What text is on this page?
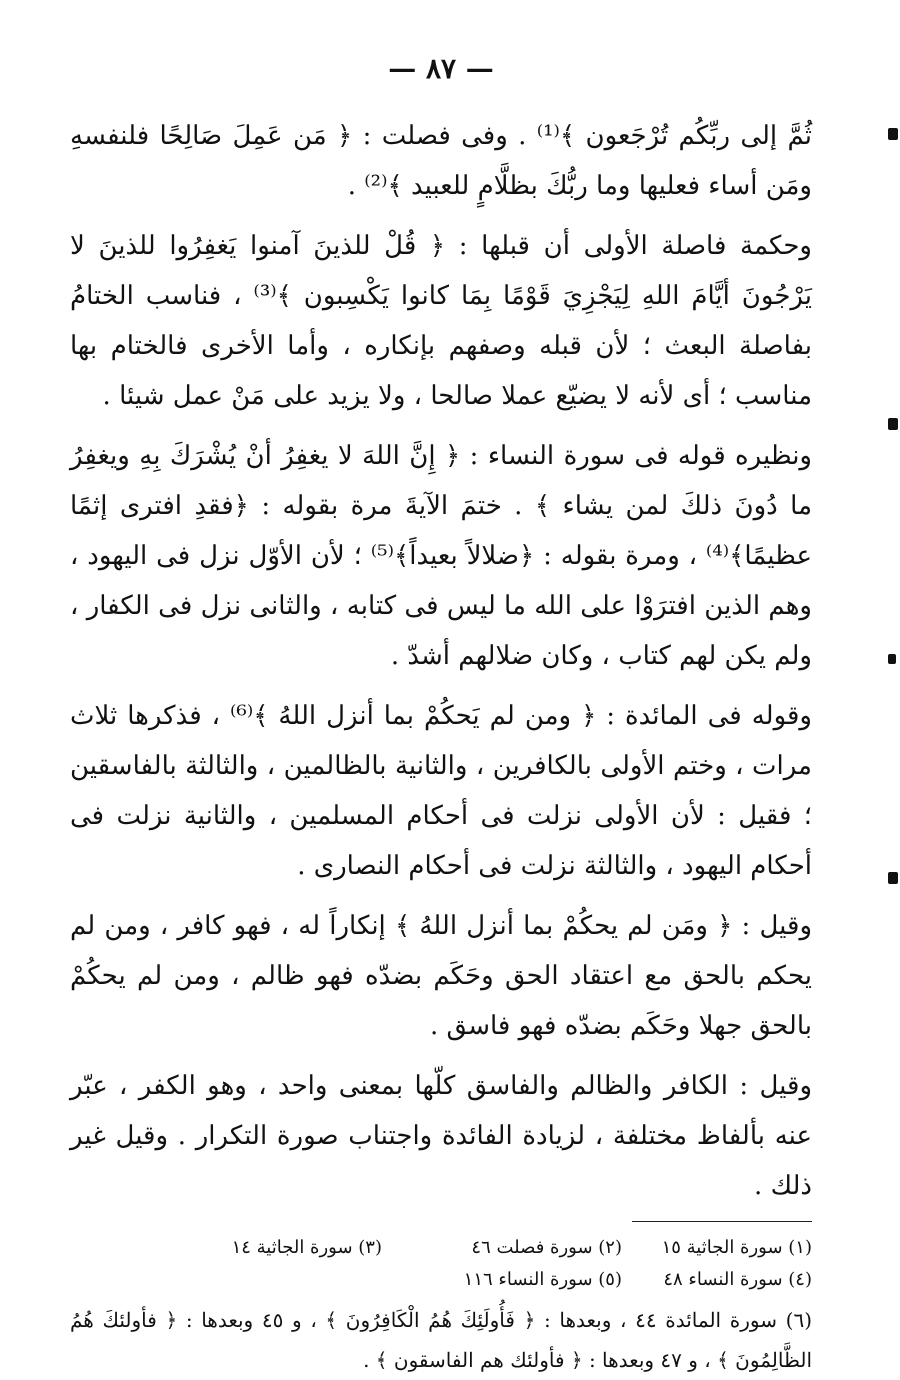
— ٨٧ —

ثُمَّ إلى ربِّكُم تُرْجَعون ﴾⁽¹⁾ . وفى فصلت : ﴿ مَن عَمِلَ صَالِحًا فلنفسهِ ومَن أساء فعليها وما ربُّكَ بظلَّامٍ للعبيد ﴾⁽²⁾ .

وحكمة فاصلة الأولى أن قبلها : ﴿ قُلْ للذينَ آمنوا يَغفِرُوا للذينَ لا يَرْجُونَ أيَّامَ اللهِ لِيَجْزِيَ قَوْمًا بِمَا كانوا يَكْسِبون ﴾⁽³⁾ ، فناسب الختامُ بفاصلة البعث ؛ لأن قبله وصفهم بإنكاره ، وأما الأخرى فالختام بها مناسب ؛ أى لأنه لا يضيّع عملا صالحا ، ولا يزيد على مَنْ عمل شيئا .

ونظيره قوله فى سورة النساء : ﴿ إِنَّ اللهَ لا يغفِرُ أنْ يُشْرَكَ بِهِ ويغفِرُ ما دُونَ ذلكَ لمن يشاء ﴾ . ختمَ الآيةَ مرة بقوله : ﴿فقدِ افترى إثمًا عظيمًا﴾⁽⁴⁾ ، ومرة بقوله : ﴿ضلالاً بعيداً﴾⁽⁵⁾ ؛ لأن الأوّل نزل فى اليهود ، وهم الذين افترَوْا على الله ما ليس فى كتابه ، والثانى نزل فى الكفار ، ولم يكن لهم كتاب ، وكان ضلالهم أشدّ .

وقوله فى المائدة : ﴿ ومن لم يَحكُمْ بما أنزل اللهُ ﴾⁽⁶⁾ ، فذكرها ثلاث مرات ، وختم الأولى بالكافرين ، والثانية بالظالمين ، والثالثة بالفاسقين ؛ فقيل : لأن الأولى نزلت فى أحكام المسلمين ، والثانية نزلت فى أحكام اليهود ، والثالثة نزلت فى أحكام النصارى .

وقيل : ﴿ ومَن لم يحكُمْ بما أنزل اللهُ ﴾ إنكاراً له ، فهو كافر ، ومن لم يحكم بالحق مع اعتقاد الحق وحَكَم بضدّه فهو ظالم ، ومن لم يحكُمْ بالحق جهلا وحَكَم بضدّه فهو فاسق .

وقيل : الكافر والظالم والفاسق كلّها بمعنى واحد ، وهو الكفر ، عبّر عنه بألفاظ مختلفة ، لزيادة الفائدة واجتناب صورة التكرار . وقيل غير ذلك .

(١) سورة الجاثية ١٥
(٢) سورة فصلت ٤٦
(٣) سورة الجاثية ١٤
(٤) سورة النساء ٤٨
(٥) سورة النساء ١١٦
(٦) سورة المائدة ٤٤ ، وبعدها : ﴿ فَأُولَئِكَ هُمُ الْكَافِرُونَ ﴾ ، و ٤٥ وبعدها : ﴿ فأولئكَ هُمُ الظَّالِمُونَ ﴾ ، و ٤٧ وبعدها : ﴿ فأولئك هم الفاسقون ﴾ .
